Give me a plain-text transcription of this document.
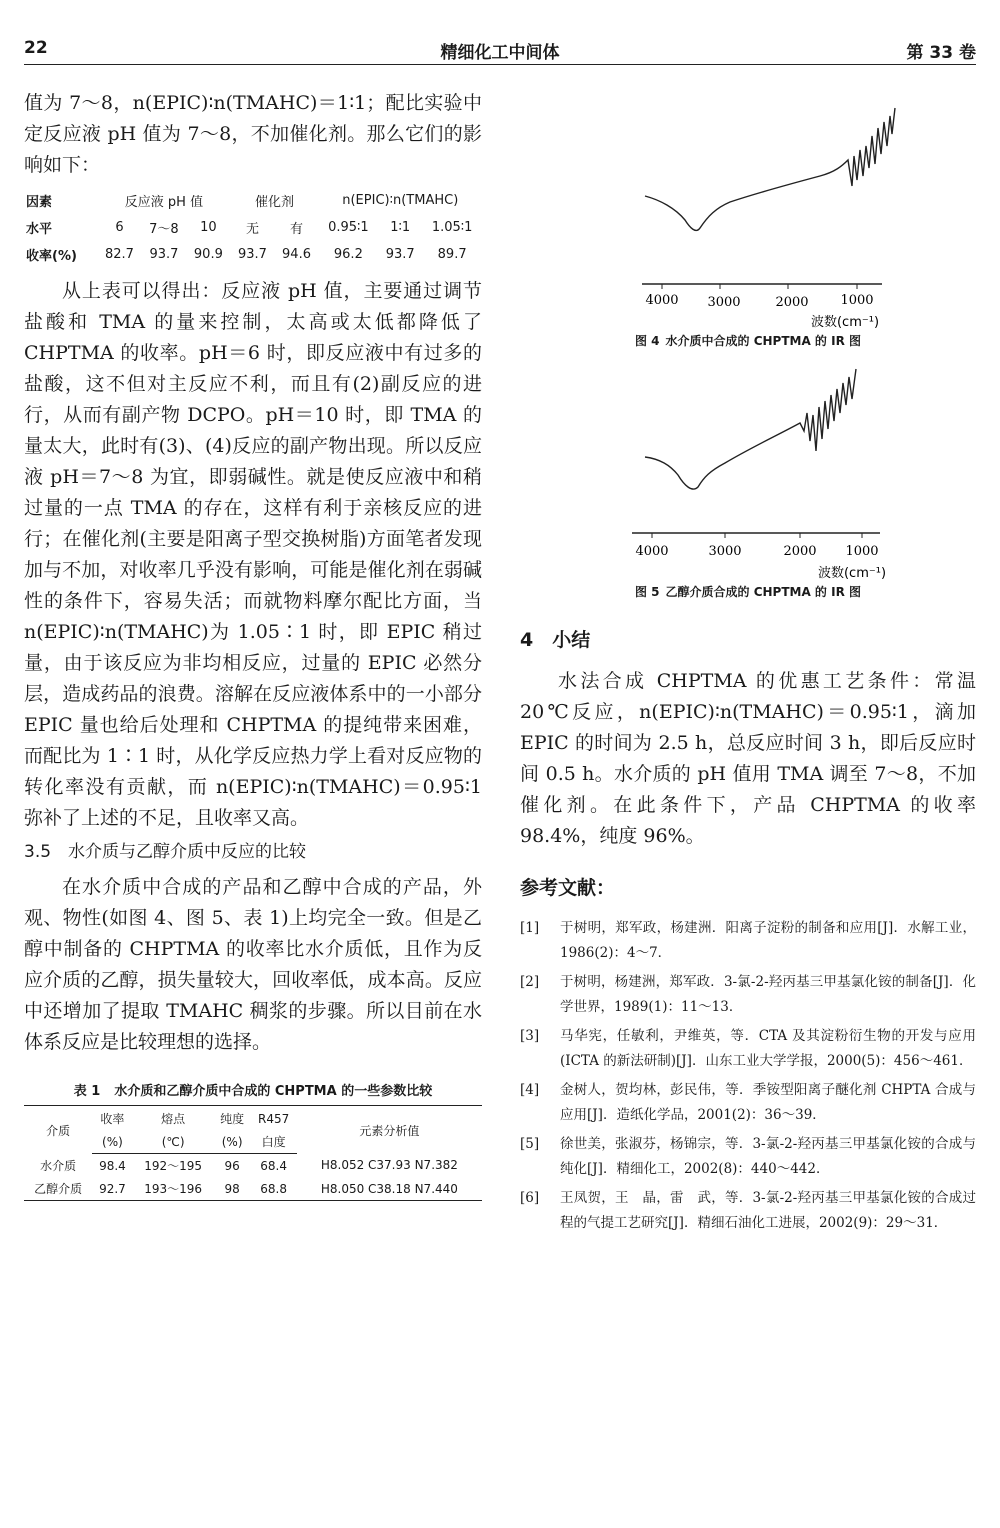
22	精细化工中间体	第 33 卷

值为 7～8，n(EPIC)∶n(TMAHC)＝1∶1；配比实验中定反应液 pH 值为 7～8，不加催化剂。那么它们的影响如下：

因素	反应液 pH 值			催化剂		n(EPIC)∶n(TMAHC)		
水平	6	7～8	10	无	有	0.95∶1	1∶1	1.05∶1
收率(%)	82.7	93.7	90.9	93.7	94.6	96.2	93.7	89.7

从上表可以得出：反应液 pH 值，主要通过调节盐酸和 TMA 的量来控制，太高或太低都降低了 CHPTMA 的收率。pH＝6 时，即反应液中有过多的盐酸，这不但对主反应不利，而且有(2)副反应的进行，从而有副产物 DCPO。pH＝10 时，即 TMA 的量太大，此时有(3)、(4)反应的副产物出现。所以反应液 pH＝7～8 为宜，即弱碱性。就是使反应液中和稍过量的一点 TMA 的存在，这样有利于亲核反应的进行；在催化剂(主要是阳离子型交换树脂)方面笔者发现加与不加，对收率几乎没有影响，可能是催化剂在弱碱性的条件下，容易失活；而就物料摩尔配比方面，当 n(EPIC)∶n(TMAHC)为 1.05∶1 时，即 EPIC 稍过量，由于该反应为非均相反应，过量的 EPIC 必然分层，造成药品的浪费。溶解在反应液体系中的一小部分 EPIC 量也给后处理和 CHPTMA 的提纯带来困难，而配比为 1∶1 时，从化学反应热力学上看对反应物的转化率没有贡献，而 n(EPIC)∶n(TMAHC)＝0.95∶1 弥补了上述的不足，且收率又高。

3.5　水介质与乙醇介质中反应的比较

在水介质中合成的产品和乙醇中合成的产品，外观、物性(如图 4、图 5、表 1)上均完全一致。但是乙醇中制备的 CHPTMA 的收率比水介质低，且作为反应介质的乙醇，损失量较大，回收率低，成本高。反应中还增加了提取 TMAHC 稠浆的步骤。所以目前在水体系反应是比较理想的选择。

表 1 水介质和乙醇介质中合成的 CHPTMA 的一些参数比较
介质	收率	熔点	纯度	R457	元素分析值
	(%)	(℃)	(%)	白度	
水介质	98.4	192～195	96	68.4	H8.052 C37.93 N7.382
乙醇介质	92.7	193～196	98	68.8	H8.050 C38.18 N7.440
4000 3000	2000 1000
波数(cm⁻¹)
图 4 水介质中合成的 CHPTMA 的 IR 图
4000	3000	2000 1000
波数(cm⁻¹)
图 5 乙醇介质合成的 CHPTMA 的 IR 图
4　小结

水法合成 CHPTMA 的优惠工艺条件：常温 20℃反应，n(EPIC)∶n(TMAHC)＝0.95∶1，滴加 EPIC 的时间为 2.5 h，总反应时间 3 h，即后反应时间 0.5 h。水介质的 pH 值用 TMA 调至 7～8，不加催化剂。在此条件下，产品 CHPTMA 的收率 98.4%，纯度 96%。

参考文献：
[1]	于树明，郑军政，杨建洲．阳离子淀粉的制备和应用[J]．水解工业，1986(2)：4～7．
[2]	于树明，杨建洲，郑军政．3-氯-2-羟丙基三甲基氯化铵的制备[J]．化学世界，1989(1)：11～13．
[3]	马华宪，任敏利，尹维英，等．CTA 及其淀粉衍生物的开发与应用(ⅠCTA 的新法研制)[J]．山东工业大学学报，2000(5)：456～461．
[4]	金树人，贺均林，彭民伟，等．季铵型阳离子醚化剂 CHPTA 合成与应用[J]．造纸化学品，2001(2)：36～39．
[5]	徐世美，张淑芬，杨锦宗，等．3-氯-2-羟丙基三甲基氯化铵的合成与纯化[J]．精细化工，2002(8)：440～442．
[6]	王凤贺，王　晶，雷　武，等．3-氯-2-羟丙基三甲基氯化铵的合成过程的气提工艺研究[J]．精细石油化工进展，2002(9)：29～31．
